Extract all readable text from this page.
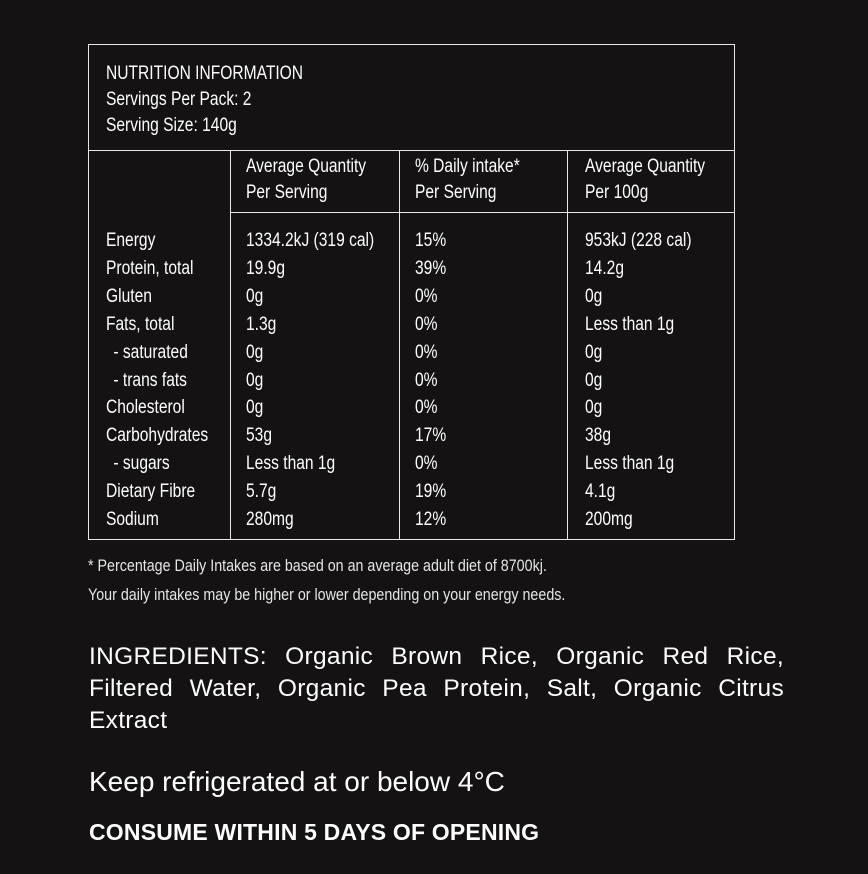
NUTRITION INFORMATION
Servings Per Pack: 2
Serving Size: 140g
Average Quantity
Per Serving
% Daily intake*
Per Serving
Average Quantity
Per 100g
Energy
Protein, total
Gluten
Fats, total
- saturated
- trans fats
Cholesterol
Carbohydrates
- sugars
Dietary Fibre
Sodium
1334.2kJ (319 cal)
19.9g
0g
1.3g
0g
0g
0g
53g
Less than 1g
5.7g
280mg
15%
39%
0%
0%
0%
0%
0%
17%
0%
19%
12%
953kJ (228 cal)
14.2g
0g
Less than 1g
0g
0g
0g
38g
Less than 1g
4.1g
200mg
* Percentage Daily Intakes are based on an average adult diet of 8700kj.
Your daily intakes may be higher or lower depending on your energy needs.
INGREDIENTS: Organic Brown Rice, Organic Red Rice, Filtered Water, Organic Pea Protein, Salt, Organic Citrus Extract
Keep refrigerated at or below 4°C
CONSUME WITHIN 5 DAYS OF OPENING
